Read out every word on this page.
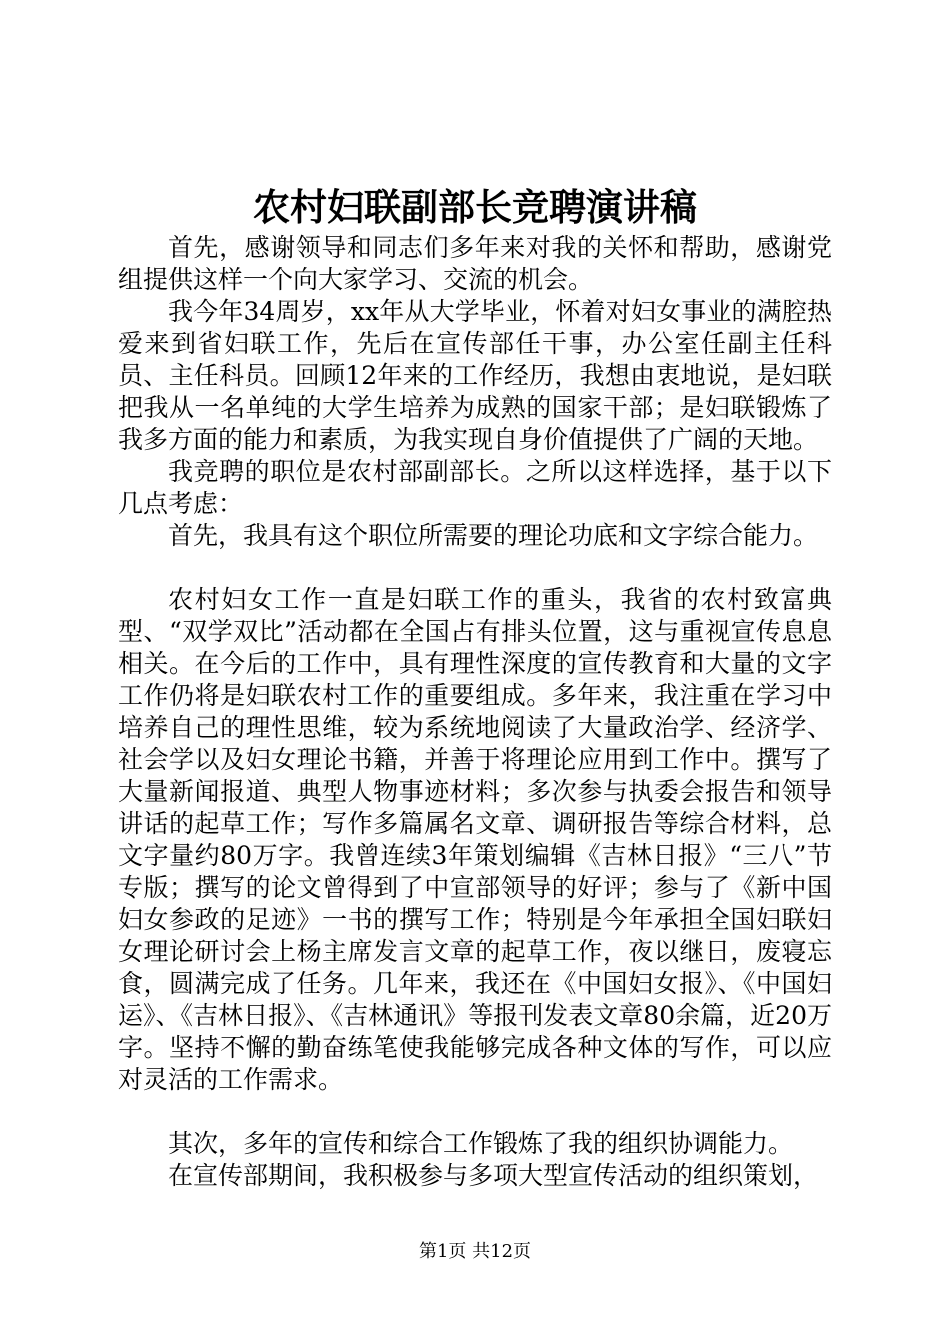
农村妇联副部长竞聘演讲稿

首先，感谢领导和同志们多年来对我的关怀和帮助，感谢党组提供这样一个向大家学习、交流的机会。

我今年34周岁，xx年从大学毕业，怀着对妇女事业的满腔热爱来到省妇联工作，先后在宣传部任干事，办公室任副主任科员、主任科员。回顾12年来的工作经历，我想由衷地说，是妇联把我从一名单纯的大学生培养为成熟的国家干部；是妇联锻炼了我多方面的能力和素质，为我实现自身价值提供了广阔的天地。

我竞聘的职位是农村部副部长。之所以这样选择，基于以下几点考虑：

首先，我具有这个职位所需要的理论功底和文字综合能力。

农村妇女工作一直是妇联工作的重头，我省的农村致富典型、“双学双比”活动都在全国占有排头位置，这与重视宣传息息相关。在今后的工作中，具有理性深度的宣传教育和大量的文字工作仍将是妇联农村工作的重要组成。多年来，我注重在学习中培养自己的理性思维，较为系统地阅读了大量政治学、经济学、社会学以及妇女理论书籍，并善于将理论应用到工作中。撰写了大量新闻报道、典型人物事迹材料；多次参与执委会报告和领导讲话的起草工作；写作多篇属名文章、调研报告等综合材料，总文字量约80万字。我曾连续3年策划编辑《吉林日报》“三八”节专版；撰写的论文曾得到了中宣部领导的好评；参与了《新中国妇女参政的足迹》一书的撰写工作；特别是今年承担全国妇联妇女理论研讨会上杨主席发言文章的起草工作，夜以继日，废寝忘食，圆满完成了任务。几年来，我还在《中国妇女报》、《中国妇运》、《吉林日报》、《吉林通讯》等报刊发表文章80余篇，近20万字。坚持不懈的勤奋练笔使我能够完成各种文体的写作，可以应对灵活的工作需求。

其次，多年的宣传和综合工作锻炼了我的组织协调能力。

在宣传部期间，我积极参与多项大型宣传活动的组织策划，

第1页 共12页
